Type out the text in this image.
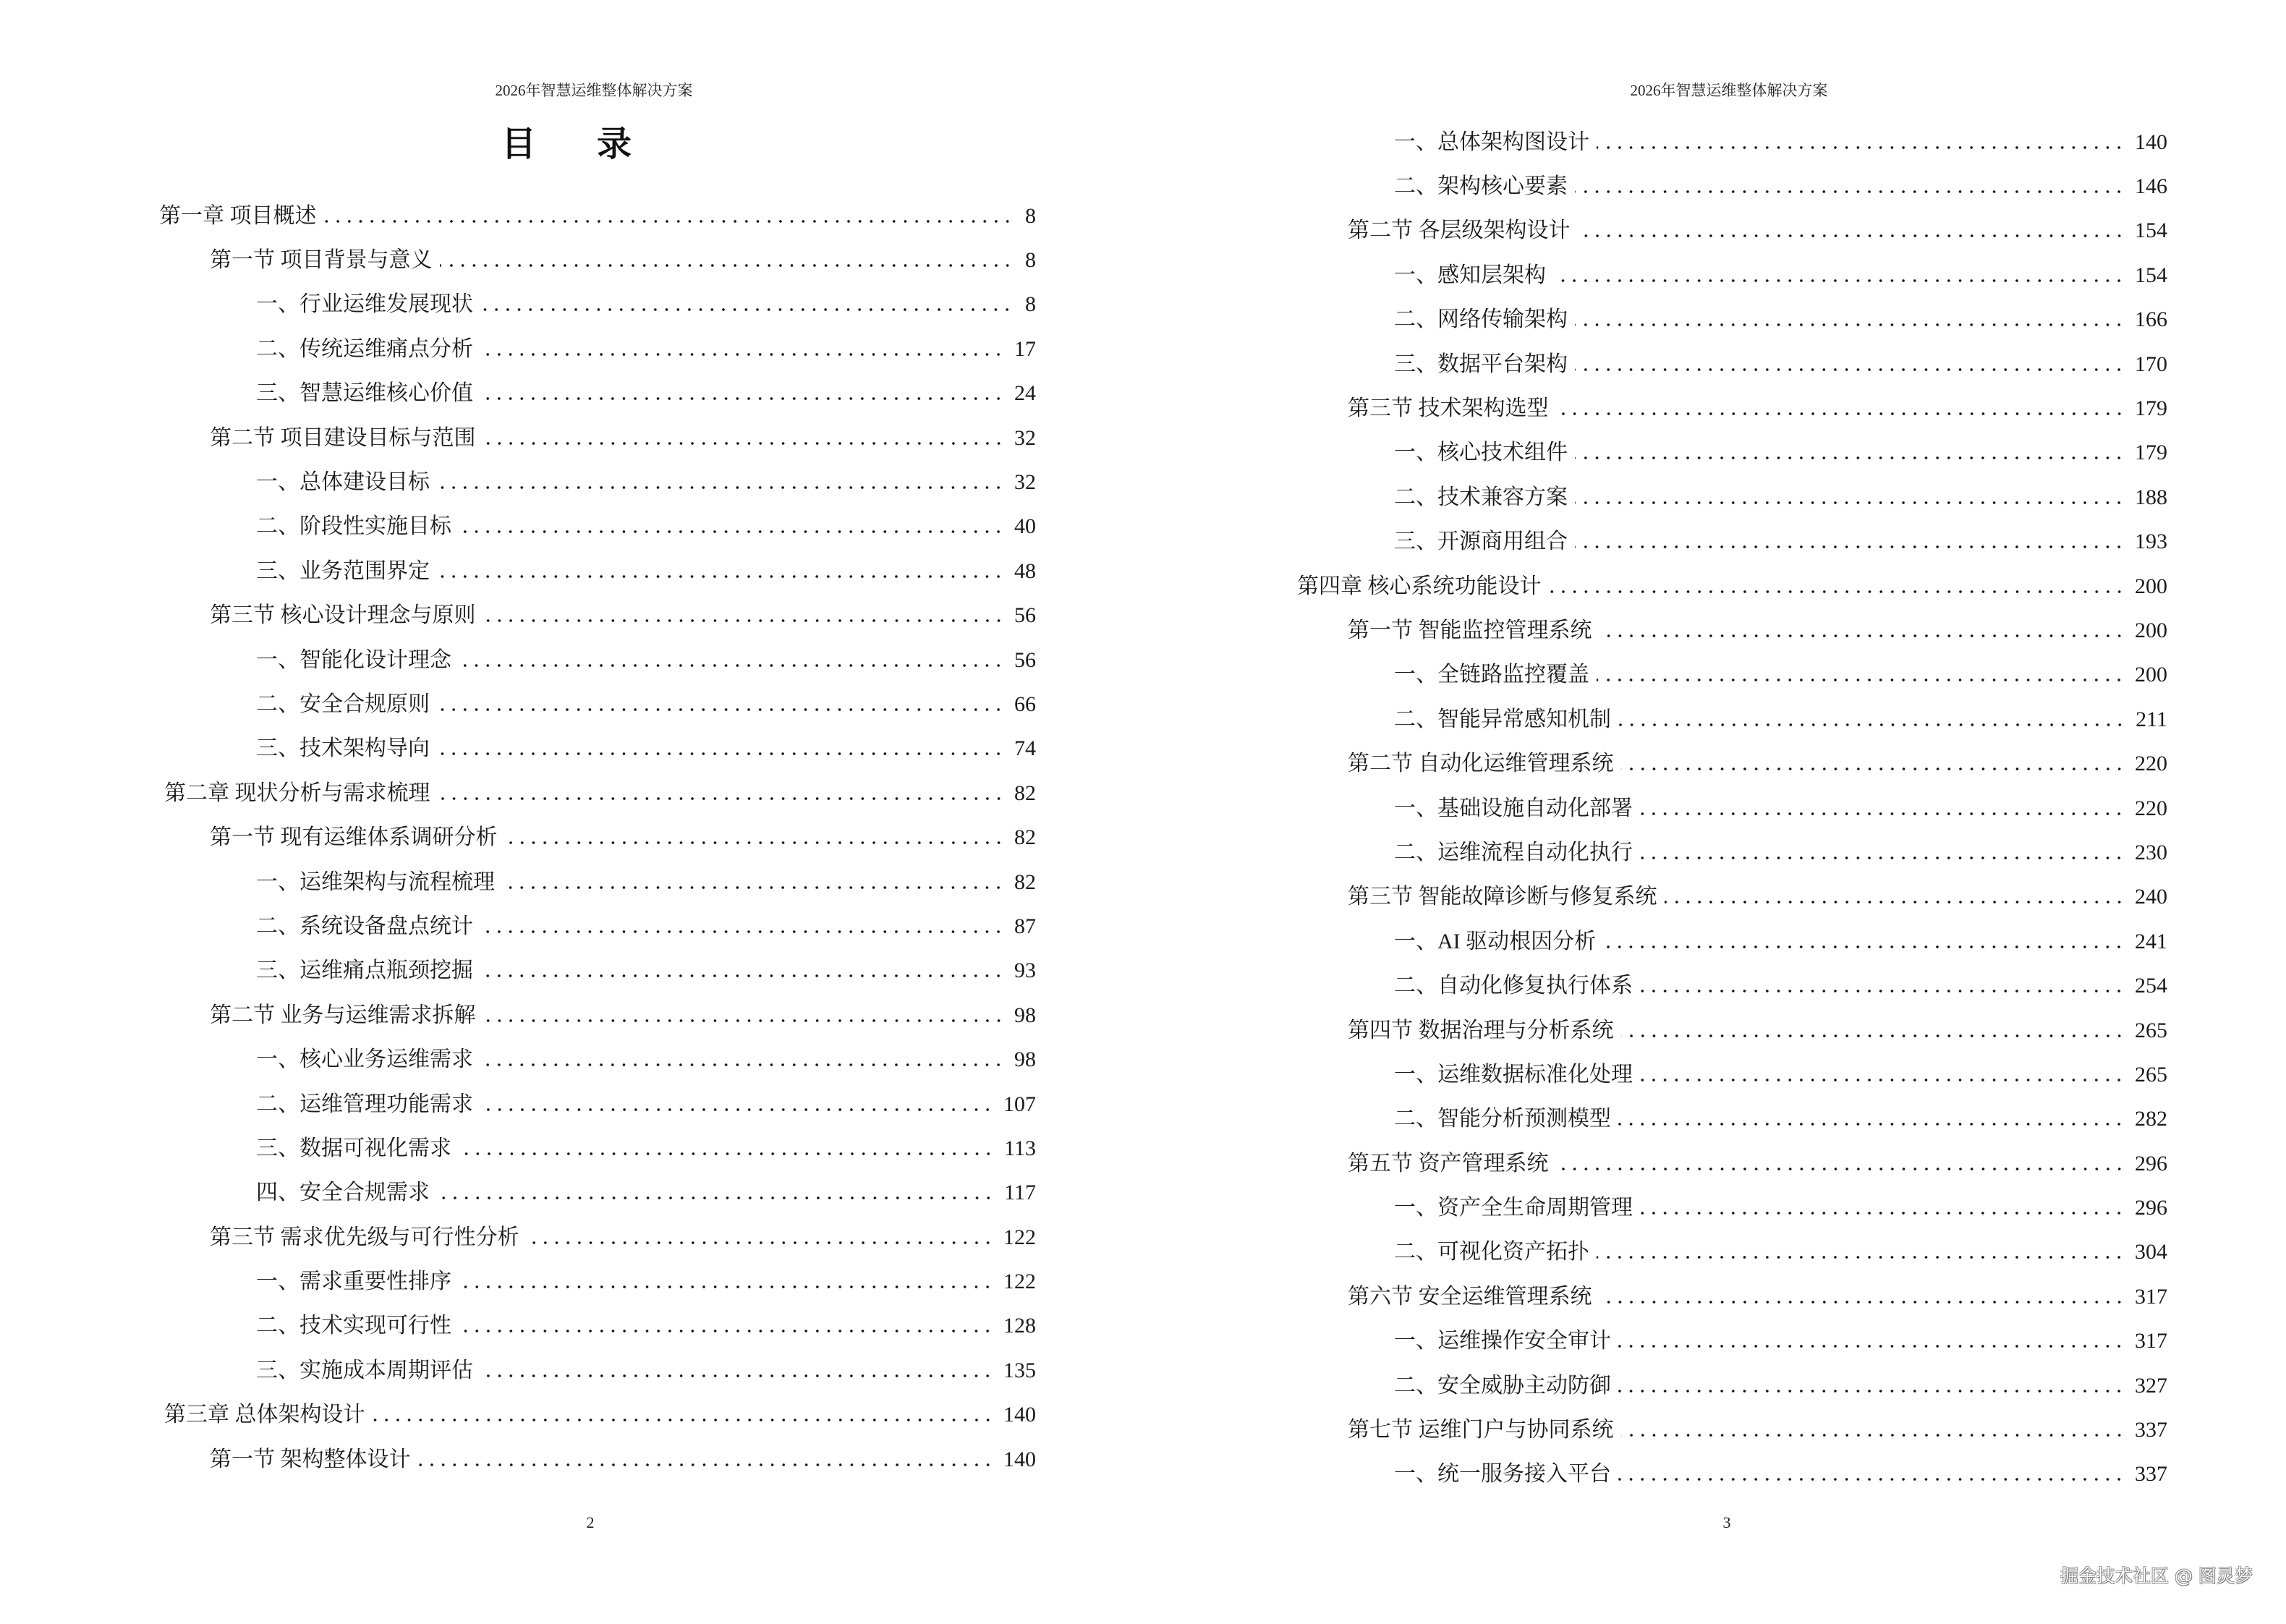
2026年智慧运维整体解决方案
目 录
第一章 项目概述	8
第一节 项目背景与意义	8
一、行业运维发展现状	8
二、传统运维痛点分析	17
三、智慧运维核心价值	24
第二节 项目建设目标与范围	32
一、总体建设目标	32
二、阶段性实施目标	40
三、业务范围界定	48
第三节 核心设计理念与原则	56
一、智能化设计理念	56
二、安全合规原则	66
三、技术架构导向	74
第二章 现状分析与需求梳理	82
第一节 现有运维体系调研分析	82
一、运维架构与流程梳理	82
二、系统设备盘点统计	87
三、运维痛点瓶颈挖掘	93
第二节 业务与运维需求拆解	98
一、核心业务运维需求	98
二、运维管理功能需求	107
三、数据可视化需求	113
四、安全合规需求	117
第三节 需求优先级与可行性分析	122
一、需求重要性排序	122
二、技术实现可行性	128
三、实施成本周期评估	135
第三章 总体架构设计	140
第一节 架构整体设计	140
2
2026年智慧运维整体解决方案
一、总体架构图设计	140
二、架构核心要素	146
第二节 各层级架构设计	154
一、感知层架构	154
二、网络传输架构	166
三、数据平台架构	170
第三节 技术架构选型	179
一、核心技术组件	179
二、技术兼容方案	188
三、开源商用组合	193
第四章 核心系统功能设计	200
第一节 智能监控管理系统	200
一、全链路监控覆盖	200
二、智能异常感知机制	211
第二节 自动化运维管理系统	220
一、基础设施自动化部署	220
二、运维流程自动化执行	230
第三节 智能故障诊断与修复系统	240
一、AI 驱动根因分析	241
二、自动化修复执行体系	254
第四节 数据治理与分析系统	265
一、运维数据标准化处理	265
二、智能分析预测模型	282
第五节 资产管理系统	296
一、资产全生命周期管理	296
二、可视化资产拓扑	304
第六节 安全运维管理系统	317
一、运维操作安全审计	317
二、安全威胁主动防御	327
第七节 运维门户与协同系统	337
一、统一服务接入平台	337
3
掘金技术社区 @ 图灵梦
